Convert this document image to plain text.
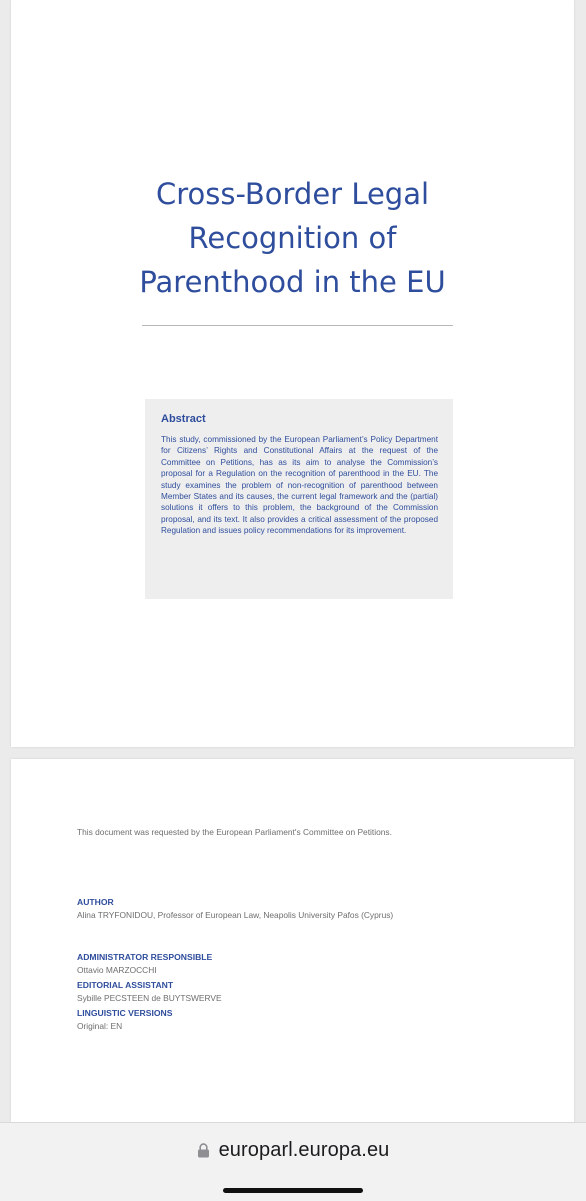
Cross-Border Legal
Recognition of
Parenthood in the EU

Abstract

This study, commissioned by the European Parliament’s Policy Department for Citizens’ Rights and Constitutional Affairs at the request of the Committee on Petitions, has as its aim to analyse the Commission’s proposal for a Regulation on the recognition of parenthood in the EU. The study examines the problem of non-recognition of parenthood between Member States and its causes, the current legal framework and the (partial) solutions it offers to this problem, the background of the Commission proposal, and its text. It also provides a critical assessment of the proposed Regulation and issues policy recommendations for its improvement.

This document was requested by the European Parliament's Committee on Petitions.

AUTHOR

Alina TRYFONIDOU, Professor of European Law, Neapolis University Pafos (Cyprus)

ADMINISTRATOR RESPONSIBLE

Ottavio MARZOCCHI

EDITORIAL ASSISTANT

Sybille PECSTEEN de BUYTSWERVE

LINGUISTIC VERSIONS

Original: EN

europarl.europa.eu
